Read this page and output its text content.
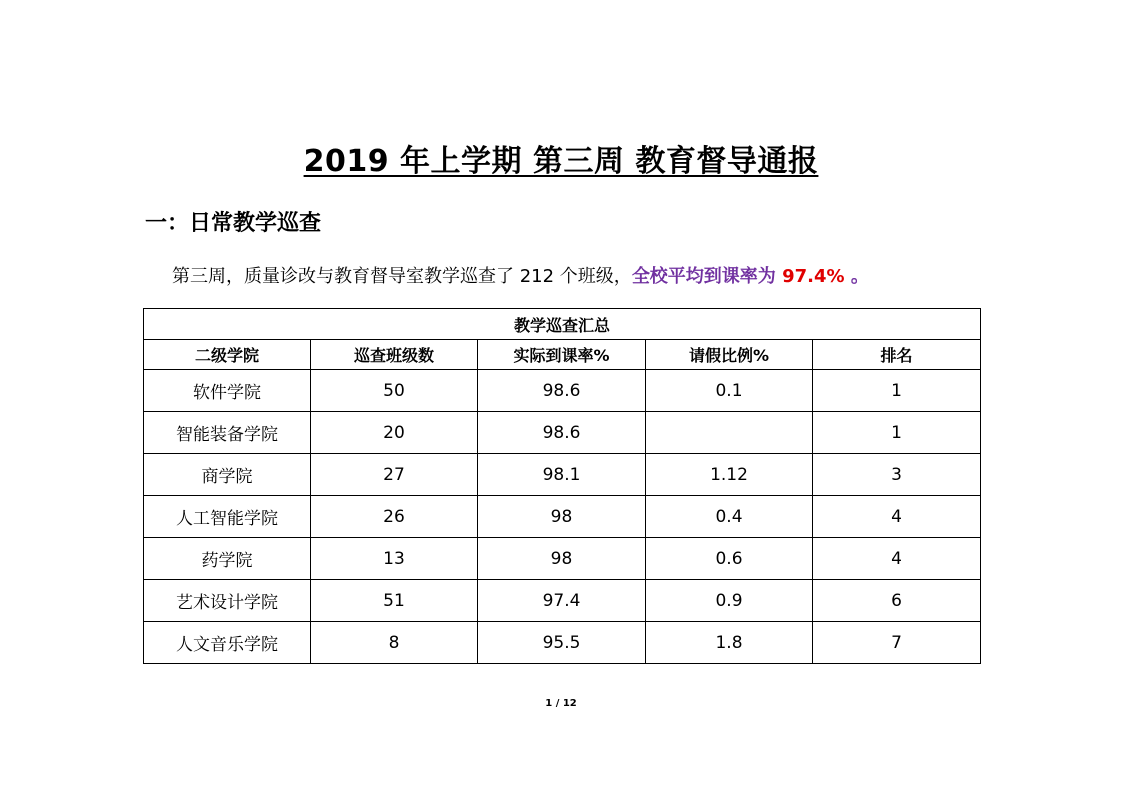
2019 年上学期 第三周 教育督导通报
一：日常教学巡查
第三周，质量诊改与教育督导室教学巡查了 212 个班级，全校平均到课率为 97.4% 。
教学巡查汇总				
二级学院	巡查班级数	实际到课率%	请假比例%	排名
软件学院	50	98.6	0.1	1
智能装备学院	20	98.6		1
商学院	27	98.1	1.12	3
人工智能学院	26	98	0.4	4
药学院	13	98	0.6	4
艺术设计学院	51	97.4	0.9	6
人文音乐学院	8	95.5	1.8	7
1 / 12
